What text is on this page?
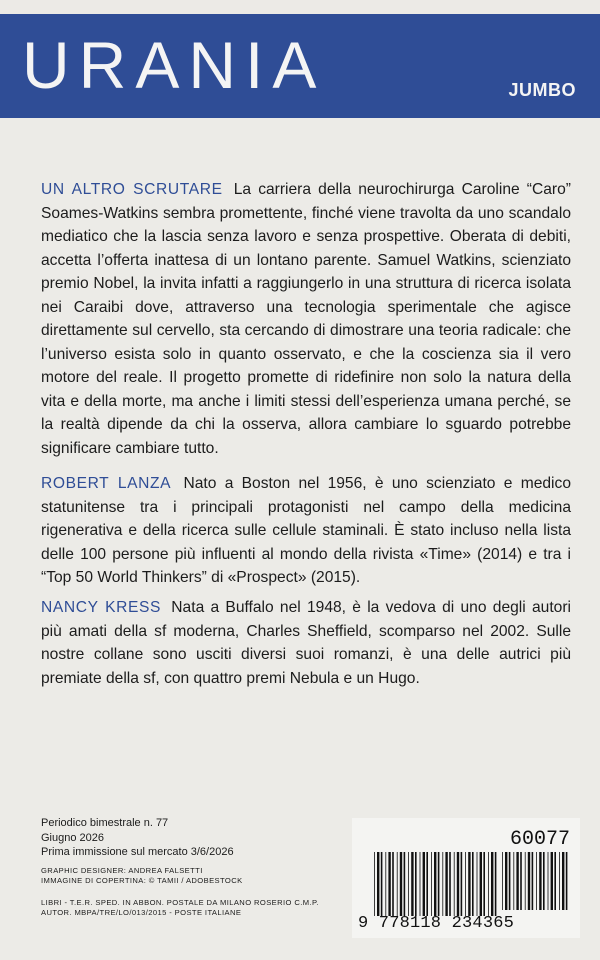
URANIA	JUMBO
UN ALTRO SCRUTARE La carriera della neurochirurga Caroline “Caro” Soames-Watkins sembra promettente, finché viene travolta da uno scandalo mediatico che la lascia senza lavoro e senza prospettive. Oberata di debiti, accetta l’offerta inattesa di un lontano parente. Samuel Watkins, scienziato premio Nobel, la invita infatti a raggiungerlo in una struttura di ricerca isolata nei Caraibi dove, attraverso una tecnologia sperimentale che agisce direttamente sul cervello, sta cercando di dimostrare una teoria radicale: che l’universo esista solo in quanto osservato, e che la coscienza sia il vero motore del reale. Il progetto promette di ridefinire non solo la natura della vita e della morte, ma anche i limiti stessi dell’esperienza umana perché, se la realtà dipende da chi la osserva, allora cambiare lo sguardo potrebbe significare cambiare tutto.
ROBERT LANZA Nato a Boston nel 1956, è uno scienziato e medico statunitense tra i principali protagonisti nel campo della medicina rigenerativa e della ricerca sulle cellule staminali. È stato incluso nella lista delle 100 persone più influenti al mondo della rivista «Time» (2014) e tra i “Top 50 World Thinkers” di «Prospect» (2015).
NANCY KRESS Nata a Buffalo nel 1948, è la vedova di uno degli autori più amati della sf moderna, Charles Sheffield, scomparso nel 2002. Sulle nostre collane sono usciti diversi suoi romanzi, è una delle autrici più premiate della sf, con quattro premi Nebula e un Hugo.
Periodico bimestrale n. 77
Giugno 2026
Prima immissione sul mercato 3/6/2026
GRAPHIC DESIGNER: ANDREA FALSETTI
IMMAGINE DI COPERTINA: © TAMII / ADOBESTOCK
LIBRI - T.E.R. SPED. IN ABBON. POSTALE DA MILANO ROSERIO C.M.P.
AUTOR. MBPA/TRE/LO/013/2015 - POSTE ITALIANE
60077
9 778118 234365
